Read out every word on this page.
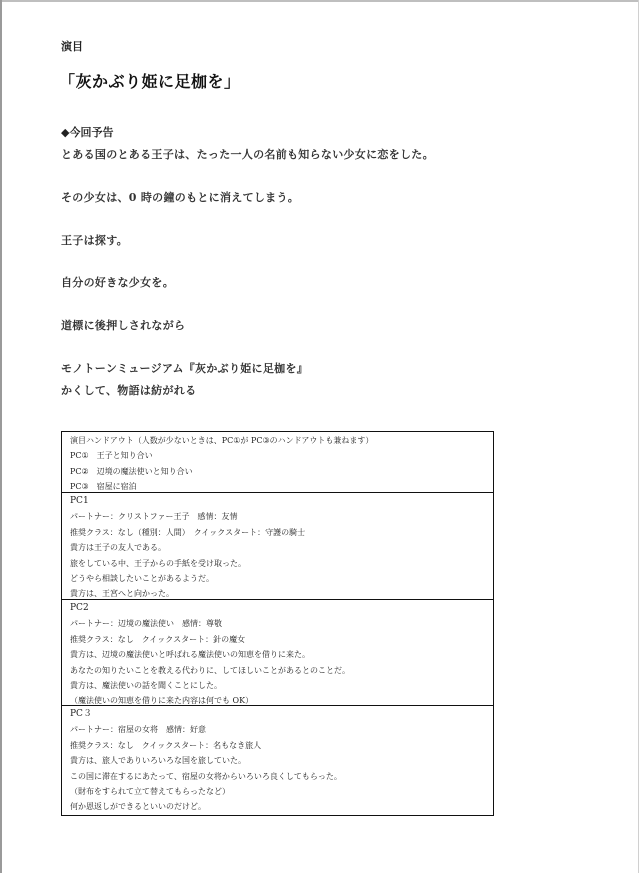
演目
「灰かぶり姫に足枷を」
◆今回予告
とある国のとある王子は、たった一人の名前も知らない少女に恋をした。
その少女は、0 時の鐘のもとに消えてしまう。
王子は探す。
自分の好きな少女を。
道標に後押しされながら
モノトーンミュージアム『灰かぶり姫に足枷を』
かくして、物語は紡がれる
演目ハンドアウト（人数が少ないときは、PC①が PC③のハンドアウトも兼ねます）
PC①　王子と知り合い
PC②　辺境の魔法使いと知り合い
PC③　宿屋に宿泊
PC1
パートナー：クリストファー王子　感情：友情
推奨クラス：なし（種別：人間）　クイックスタート：守護の騎士
貴方は王子の友人である。
旅をしている中、王子からの手紙を受け取った。
どうやら相談したいことがあるようだ。
貴方は、王宮へと向かった。
PC2
パートナー：辺境の魔法使い　感情：尊敬
推奨クラス：なし　クイックスタート：針の魔女
貴方は、辺境の魔法使いと呼ばれる魔法使いの知恵を借りに来た。
あなたの知りたいことを教える代わりに、してほしいことがあるとのことだ。
貴方は、魔法使いの話を聞くことにした。
（魔法使いの知恵を借りに来た内容は何でも OK）
PC３
パートナー：宿屋の女将　感情：好意
推奨クラス：なし　クイックスタート：名もなき旅人
貴方は、旅人でありいろいろな国を旅していた。
この国に滞在するにあたって、宿屋の女将からいろいろ良くしてもらった。
（財布をすられて立て替えてもらったなど）
何か恩返しができるといいのだけど。
